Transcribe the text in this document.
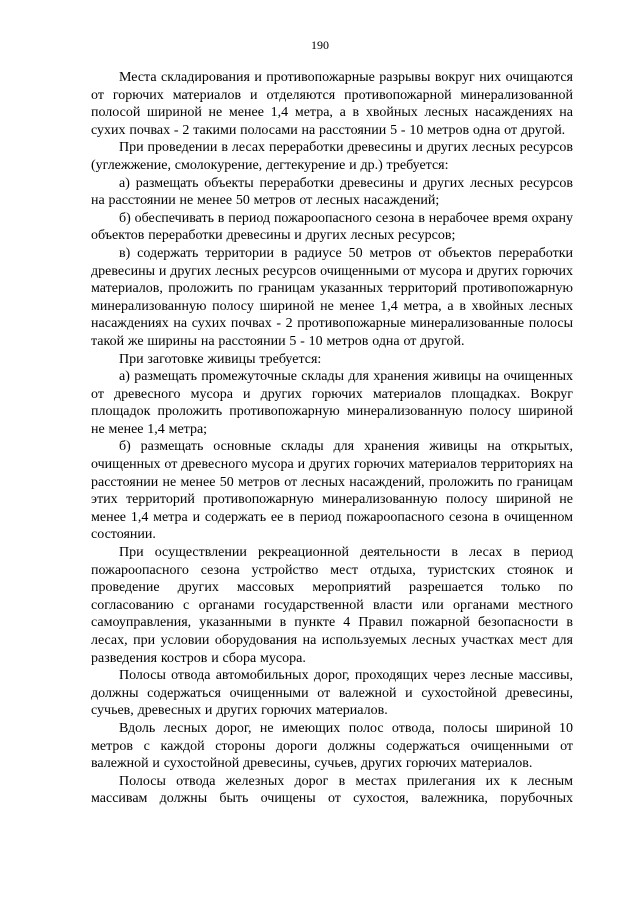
190

Места складирования и противопожарные разрывы вокруг них очищаются от горючих материалов и отделяются противопожарной минерализованной полосой шириной не менее 1,4 метра, а в хвойных лесных насаждениях на сухих почвах - 2 такими полосами на расстоянии 5 - 10 метров одна от другой.

При проведении в лесах переработки древесины и других лесных ресурсов (углежжение, смолокурение, дегтекурение и др.) требуется:

а) размещать объекты переработки древесины и других лесных ресурсов на расстоянии не менее 50 метров от лесных насаждений;

б) обеспечивать в период пожароопасного сезона в нерабочее время охрану объектов переработки древесины и других лесных ресурсов;

в) содержать территории в радиусе 50 метров от объектов переработки древесины и других лесных ресурсов очищенными от мусора и других горючих материалов, проложить по границам указанных территорий противопожарную минерализованную полосу шириной не менее 1,4 метра, а в хвойных лесных насаждениях на сухих почвах - 2 противопожарные минерализованные полосы такой же ширины на расстоянии 5 - 10 метров одна от другой.

При заготовке живицы требуется:

а) размещать промежуточные склады для хранения живицы на очищенных от древесного мусора и других горючих материалов площадках. Вокруг площадок проложить противопожарную минерализованную полосу шириной не менее 1,4 метра;

б) размещать основные склады для хранения живицы на открытых, очищенных от древесного мусора и других горючих материалов территориях на расстоянии не менее 50 метров от лесных насаждений, проложить по границам этих территорий противопожарную минерализованную полосу шириной не менее 1,4 метра и содержать ее в период пожароопасного сезона в очищенном состоянии.

При осуществлении рекреационной деятельности в лесах в период пожароопасного сезона устройство мест отдыха, туристских стоянок и проведение других массовых мероприятий разрешается только по согласованию с органами государственной власти или органами местного самоуправления, указанными в пункте 4 Правил пожарной безопасности в лесах, при условии оборудования на используемых лесных участках мест для разведения костров и сбора мусора.

Полосы отвода автомобильных дорог, проходящих через лесные массивы, должны содержаться очищенными от валежной и сухостойной древесины, сучьев, древесных и других горючих материалов.

Вдоль лесных дорог, не имеющих полос отвода, полосы шириной 10 метров с каждой стороны дороги должны содержаться очищенными от валежной и сухостойной древесины, сучьев, других горючих материалов.

Полосы отвода железных дорог в местах прилегания их к лесным массивам должны быть очищены от сухостоя, валежника, порубочных
